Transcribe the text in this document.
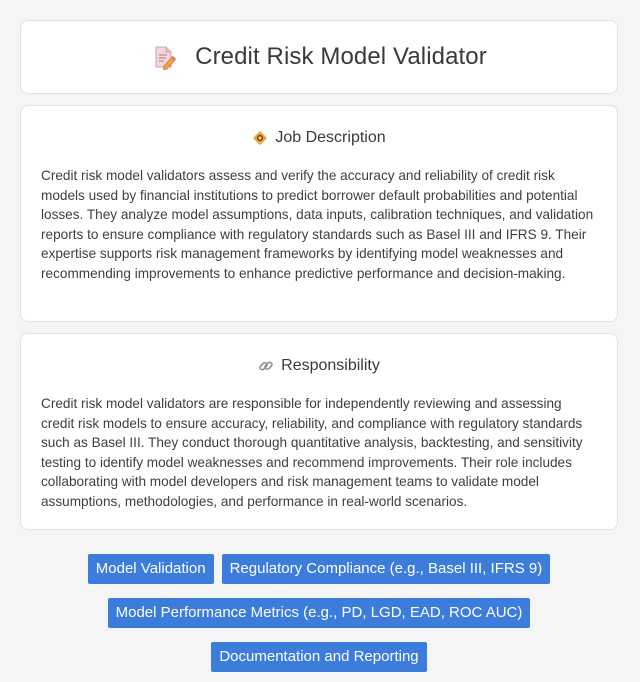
Credit Risk Model Validator
Job Description
Credit risk model validators assess and verify the accuracy and reliability of credit risk models used by financial institutions to predict borrower default probabilities and potential losses. They analyze model assumptions, data inputs, calibration techniques, and validation reports to ensure compliance with regulatory standards such as Basel III and IFRS 9. Their expertise supports risk management frameworks by identifying model weaknesses and recommending improvements to enhance predictive performance and decision-making.
Responsibility
Credit risk model validators are responsible for independently reviewing and assessing credit risk models to ensure accuracy, reliability, and compliance with regulatory standards such as Basel III. They conduct thorough quantitative analysis, backtesting, and sensitivity testing to identify model weaknesses and recommend improvements. Their role includes collaborating with model developers and risk management teams to validate model assumptions, methodologies, and performance in real-world scenarios.
Model Validation	Regulatory Compliance (e.g., Basel III, IFRS 9)
Model Performance Metrics (e.g., PD, LGD, EAD, ROC AUC)
Documentation and Reporting
